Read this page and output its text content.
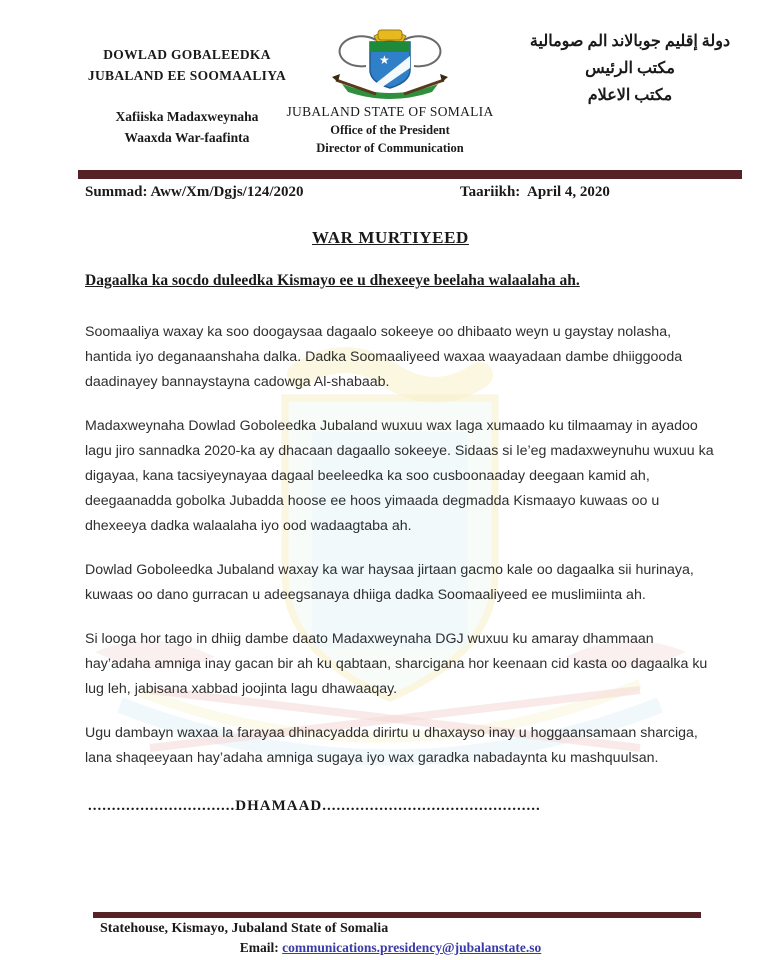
DOWLAD GOBALEEDKA
JUBALAND EE SOOMAALIYA
Xafiiska Madaxweynaha
Waaxda War-faafinta
★
JUBALAND STATE OF SOMALIA
Office of the President
Director of Communication
دولة إقليم جوبالاند الم صومالية
مكتب الرئيس
مكتب الاعلام
Summad: Aww/Xm/Dgjs/124/2020	Taariikh: April 4, 2020
WAR MURTIYEED
Dagaalka ka socdo duleedka Kismayo ee u dhexeeye beelaha walaalaha ah.

Soomaaliya waxay ka soo doogaysaa dagaalo sokeeye oo dhibaato weyn u gaystay nolasha, hantida iyo deganaanshaha dalka. Dadka Soomaaliyeed waxaa waayadaan dambe dhiiggooda daadinayey bannaystayna cadowga Al-shabaab.

Madaxweynaha Dowlad Goboleedka Jubaland wuxuu wax laga xumaado ku tilmaamay in ayadoo lagu jiro sannadka 2020-ka ay dhacaan dagaallo sokeeye. Sidaas si le’eg madaxweynuhu wuxuu ka digayaa, kana tacsiyeynayaa dagaal beeleedka ka soo cusboonaaday deegaan kamid ah, deegaanadda gobolka Jubadda hoose ee hoos yimaada degmadda Kismaayo kuwaas oo u dhexeeya dadka walaalaha iyo ood wadaagtaba ah.

Dowlad Goboleedka Jubaland waxay ka war haysaa jirtaan gacmo kale oo dagaalka sii hurinaya, kuwaas oo dano gurracan u adeegsanaya dhiiga dadka Soomaaliyeed ee muslimiinta ah.

Si looga hor tago in dhiig dambe daato Madaxweynaha DGJ wuxuu ku amaray dhammaan hay’adaha amniga inay gacan bir ah ku qabtaan, sharcigana hor keenaan cid kasta oo dagaalka ku lug leh, jabisana xabbad joojinta lagu dhawaaqay.

Ugu dambayn waxaa la farayaa dhinacyadda dirirtu u dhaxayso inay u hoggaansamaan sharciga, lana shaqeeyaan hay’adaha amniga sugaya iyo wax garadka nabadaynta ku mashquulsan.

...............................DHAMAAD..............................................
Statehouse, Kismayo, Jubaland State of Somalia
Email: communications.presidency@jubalanstate.so
